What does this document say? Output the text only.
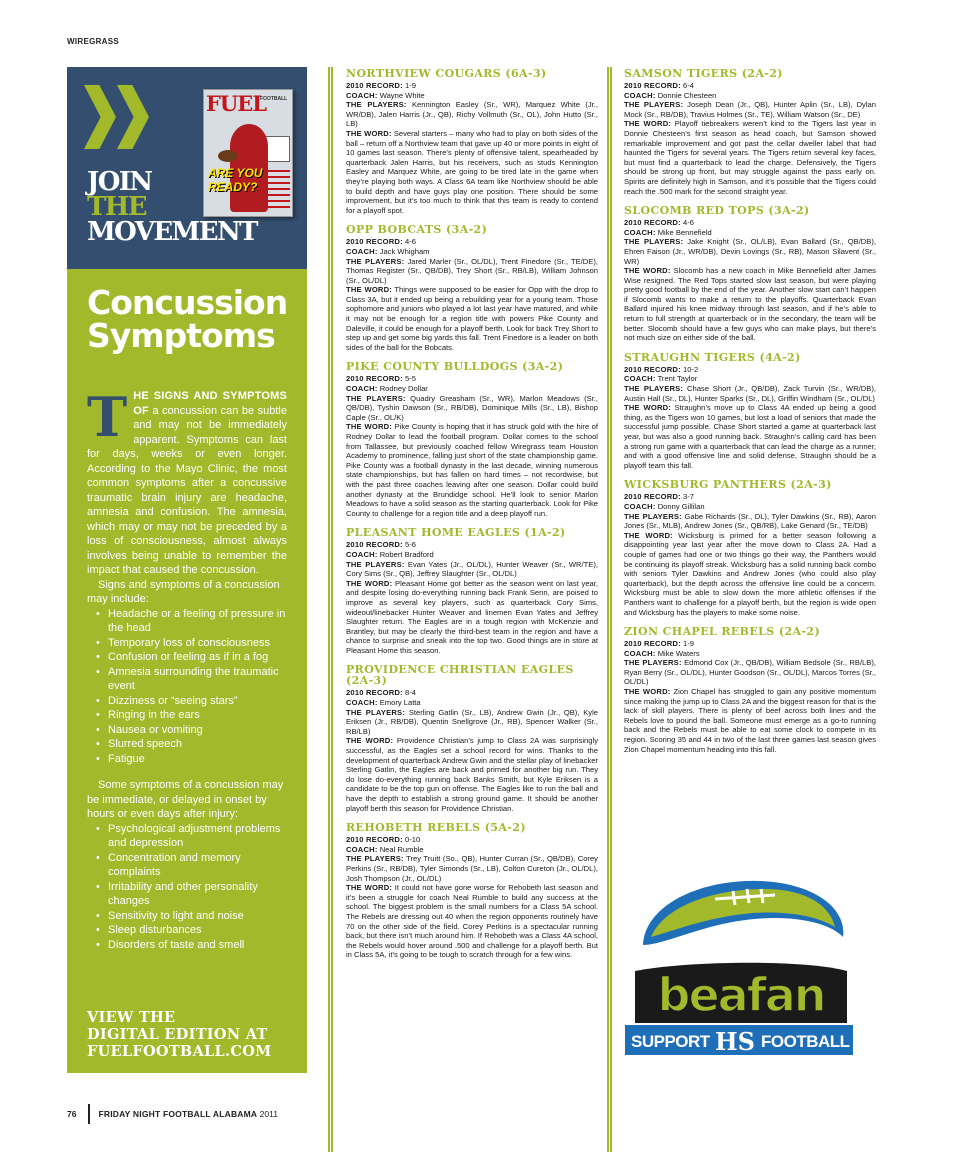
WIREGRASS
FUEL
FOOTBALL
ARE YOU READY?
JOIN
THE
MOVEMENT
Concussion
Symptoms

THE SIGNS AND SYMPTOMS OF a concussion can be subtle and may not be immediately apparent. Symptoms can last for days, weeks or even longer. According to the Mayo Clinic, the most common symptoms after a concussive traumatic brain injury are headache, amnesia and confusion. The amnesia, which may or may not be preceded by a loss of consciousness, almost always involves being unable to remember the impact that caused the concussion.

Signs and symptoms of a concussion may include:

• Headache or a feeling of pressure in the head
• Temporary loss of consciousness
• Confusion or feeling as if in a fog
• Amnesia surrounding the traumatic event
• Dizziness or “seeing stars”
• Ringing in the ears
• Nausea or vomiting
• Slurred speech
• Fatigue

Some symptoms of a concussion may be immediate, or delayed in onset by hours or even days after injury:

• Psychological adjustment problems and depression
• Concentration and memory complaints
• Irritability and other personality changes
• Sensitivity to light and noise
• Sleep disturbances
• Disorders of taste and smell
VIEW THE
DIGITAL EDITION AT
FUELFOOTBALL.COM
NORTHVIEW COUGARS (6A-3)

2010 RECORD: 1-9

COACH: Wayne White

THE PLAYERS: Kennington Easley (Sr., WR), Marquez White (Jr., WR/DB), Jalen Harris (Jr., QB), Richy Vollmuth (Sr., OL), John Hutto (Sr., LB)

THE WORD: Several starters – many who had to play on both sides of the ball – return off a Northview team that gave up 40 or more points in eight of 10 games last season. There’s plenty of offensive talent, spearheaded by quarterback Jalen Harris, but his receivers, such as studs Kennington Easley and Marquez White, are going to be tired late in the game when they’re playing both ways. A Class 6A team like Northview should be able to build depth and have guys play one position. There should be some improvement, but it’s too much to think that this team is ready to contend for a playoff spot.

OPP BOBCATS (3A-2)

2010 RECORD: 4-6

COACH: Jack Whigham

THE PLAYERS: Jared Marler (Sr., OL/DL), Trent Finedore (Sr., TE/DE), Thomas Register (Sr., QB/DB), Trey Short (Sr., RB/LB), William Johnson (Sr., OL/DL)

THE WORD: Things were supposed to be easier for Opp with the drop to Class 3A, but it ended up being a rebuilding year for a young team. Those sophomore and juniors who played a lot last year have matured, and while it may not be enough for a region title with powers Pike County and Daleville, it could be enough for a playoff berth. Look for back Trey Short to step up and get some big yards this fall. Trent Finedore is a leader on both sides of the ball for the Bobcats.

PIKE COUNTY BULLDOGS (3A-2)

2010 RECORD: 5-5

COACH: Rodney Dollar

THE PLAYERS: Quadry Greasham (Sr., WR), Marlon Meadows (Sr., QB/DB), Tyshin Dawson (Sr., RB/DB), Dominique Mills (Sr., LB), Bishop Caple (Sr., OL/K)

THE WORD: Pike County is hoping that it has struck gold with the hire of Rodney Dollar to lead the football program. Dollar comes to the school from Tallassee, but previously coached fellow Wiregrass team Houston Academy to prominence, falling just short of the state championship game. Pike County was a football dynasty in the last decade, winning numerous state championships, but has fallen on hard times – not recordwise, but with the past three coaches leaving after one season. Dollar could build another dynasty at the Brundidge school. He’ll look to senior Marlon Meadows to have a solid season as the starting quarterback. Look for Pike County to challenge for a region title and a deep playoff run.

PLEASANT HOME EAGLES (1A-2)

2010 RECORD: 5-6

COACH: Robert Bradford

THE PLAYERS: Evan Yates (Jr., OL/DL), Hunter Weaver (Sr., WR/TE), Cory Sims (Sr., QB), Jeffrey Slaughter (Sr., OL/DL)

THE WORD: Pleasant Home got better as the season went on last year, and despite losing do-everything running back Frank Senn, are poised to improve as several key players, such as quarterback Cory Sims, wideout/linebacker Hunter Weaver and linemen Evan Yates and Jeffrey Slaughter return. The Eagles are in a tough region with McKenzie and Brantley, but may be clearly the third-best team in the region and have a chance to surprise and sneak into the top two. Good things are in store at Pleasant Home this season.

PROVIDENCE CHRISTIAN EAGLES (2A-3)

2010 RECORD: 8-4

COACH: Emory Latta

THE PLAYERS: Sterling Gatlin (Sr., LB), Andrew Gwin (Jr., QB), Kyle Eriksen (Jr., RB/DB), Quentin Snellgrove (Jr., RB), Spencer Walker (Sr., RB/LB)

THE WORD: Providence Christian’s jump to Class 2A was surprisingly successful, as the Eagles set a school record for wins. Thanks to the development of quarterback Andrew Gwin and the stellar play of linebacker Sterling Gatlin, the Eagles are back and primed for another big run. They do lose do-everything running back Banks Smith, but Kyle Eriksen is a candidate to be the top gun on offense. The Eagles like to run the ball and have the depth to establish a strong ground game. It should be another playoff berth this season for Providence Christian.

REHOBETH REBELS (5A-2)

2010 RECORD: 0-10

COACH: Neal Rumble

THE PLAYERS: Trey Truitt (So., QB), Hunter Curran (Sr., QB/DB), Corey Perkins (Sr., RB/DB), Tyler Simonds (Sr., LB), Colton Cureton (Jr., OL/DL), Josh Thompson (Jr., OL/DL)

THE WORD: It could not have gone worse for Rehobeth last season and it’s been a struggle for coach Neal Rumble to build any success at the school. The biggest problem is the small numbers for a Class 5A school. The Rebels are dressing out 40 when the region opponents routinely have 70 on the other side of the field. Corey Perkins is a spectacular running back, but there isn’t much around him. If Rehobeth was a Class 4A school, the Rebels would hover around .500 and challenge for a playoff berth. But in Class 5A, it’s going to be tough to scratch through for a few wins.

SAMSON TIGERS (2A-2)

2010 RECORD: 6-4

COACH: Donnie Chesteen

THE PLAYERS: Joseph Dean (Jr., QB), Hunter Aplin (Sr., LB), Dylan Mock (Sr., RB/DB), Travius Holmes (Sr., TE), William Watson (Sr., DE)

THE WORD: Playoff tiebreakers weren’t kind to the Tigers last year in Donnie Chesteen’s first season as head coach, but Samson showed remarkable improvement and got past the cellar dweller label that had haunted the Tigers for several years. The Tigers return several key faces, but must find a quarterback to lead the charge. Defensively, the Tigers should be strong up front, but may struggle against the pass early on. Spirits are definitely high in Samson, and it’s possible that the Tigers could reach the .500 mark for the second straight year.

SLOCOMB RED TOPS (3A-2)

2010 RECORD: 4-6

COACH: Mike Bennefield

THE PLAYERS: Jake Knight (Sr., OL/LB), Evan Ballard (Sr., QB/DB), Ehren Faison (Jr., WR/DB), Devin Lovings (Sr., RB), Mason Silavent (Sr., WR)

THE WORD: Slocomb has a new coach in Mike Bennefield after James Wise resigned. The Red Tops started slow last season, but were playing pretty good football by the end of the year. Another slow start can’t happen if Slocomb wants to make a return to the playoffs. Quarterback Evan Ballard injured his knee midway through last season, and if he’s able to return to full strength at quarterback or in the secondary, the team will be better. Slocomb should have a few guys who can make plays, but there’s not much size on either side of the ball.

STRAUGHN TIGERS (4A-2)

2010 RECORD: 10-2

COACH: Trent Taylor

THE PLAYERS: Chase Short (Jr., QB/DB), Zack Turvin (Sr., WR/DB), Austin Hall (Sr., DL), Hunter Sparks (Sr., DL), Griffin Windham (Sr., OL/DL)

THE WORD: Straughn’s move up to Class 4A ended up being a good thing, as the Tigers won 10 games, but lost a load of seniors that made the successful jump possible. Chase Short started a game at quarterback last year, but was also a good running back. Straughn’s calling card has been a strong run game with a quarterback that can lead the charge as a runner, and with a good offensive line and solid defense, Straughn should be a playoff team this fall.

WICKSBURG PANTHERS (2A-3)

2010 RECORD: 3-7

COACH: Donny Gillilan

THE PLAYERS: Gabe Richards (Sr., DL), Tyler Dawkins (Sr., RB), Aaron Jones (Sr., MLB), Andrew Jones (Sr., QB/RB), Lake Genard (Sr., TE/DB)

THE WORD: Wicksburg is primed for a better season following a disappointing year last year after the move down to Class 2A. Had a couple of games had one or two things go their way, the Panthers would be continuing its playoff streak. Wicksburg has a solid running back combo with seniors Tyler Dawkins and Andrew Jones (who could also play quarterback), but the depth across the offensive line could be a concern. Wicksburg must be able to slow down the more athletic offenses if the Panthers want to challenge for a playoff berth, but the region is wide open and Wicksburg has the players to make some noise.

ZION CHAPEL REBELS (2A-2)

2010 RECORD: 1-9

COACH: Mike Waters

THE PLAYERS: Edmond Cox (Jr., QB/DB), William Bedsole (Sr., RB/LB), Ryan Berry (Sr., OL/DL), Hunter Goodson (Sr., OL/DL), Marcos Torres (Sr., OL/DL)

THE WORD: Zion Chapel has struggled to gain any positive momentum since making the jump up to Class 2A and the biggest reason for that is the lack of skill players. There is plenty of beef across both lines and the Rebels love to pound the ball. Someone must emerge as a go-to running back and the Rebels must be able to eat some clock to compete in its region. Scoring 35 and 44 in two of the last three games last season gives Zion Chapel momentum heading into this fall.

beafan
SUPPORT HS FOOTBALL
76	FRIDAY NIGHT FOOTBALL ALABAMA
2011
